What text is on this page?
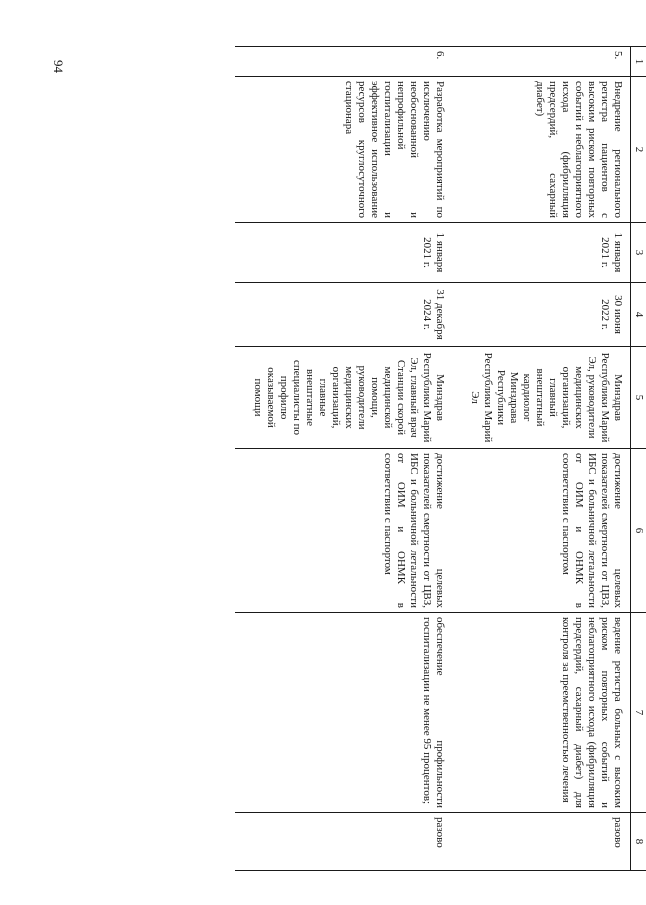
94	1	2	3	4	5	6	7	8
5.	Внедрение регионального регистра пациентов с высоким риском повторных событий и неблагоприятного исхода (фибрилляция предсердий, сахарный диабет)	1 января 2021 г.	30 июня 2022 г.	Минздрав Республики Марий Эл, руководители медицинских организаций, главный внештатный кардиолог Минздрава Республики Республики Марий Эл	достижение целевых показателей смертности от ЦВЗ, ИБС и больничной летальности от ОИМ и ОНМК в соответствии с паспортом	ведение регистра больных с высоким риском повторных событий и неблагоприятного исхода (фибрилляция предсердий, сахарный диабет) для контроля за преемственностью лечения	разово
6.	Разработка мероприятий по исключению необоснованной и непрофильной госпитализации и эффективное использование ресурсов круглосуточного стационара	1 января 2021 г.	31 декабря 2024 г.	Минздрав Республики Марий Эл, главный врач Станции скорой медицинской помощи, руководители медицинских организаций, главные внештатные специалисты по профилю оказываемой помощи	достижение целевых показателей смертности от ЦВЗ, ИБС и больничной летальности от ОИМ и ОНМК в соответствии с паспортом	обеспечение профильности госпитализации не менее 95 процентов;	разово
